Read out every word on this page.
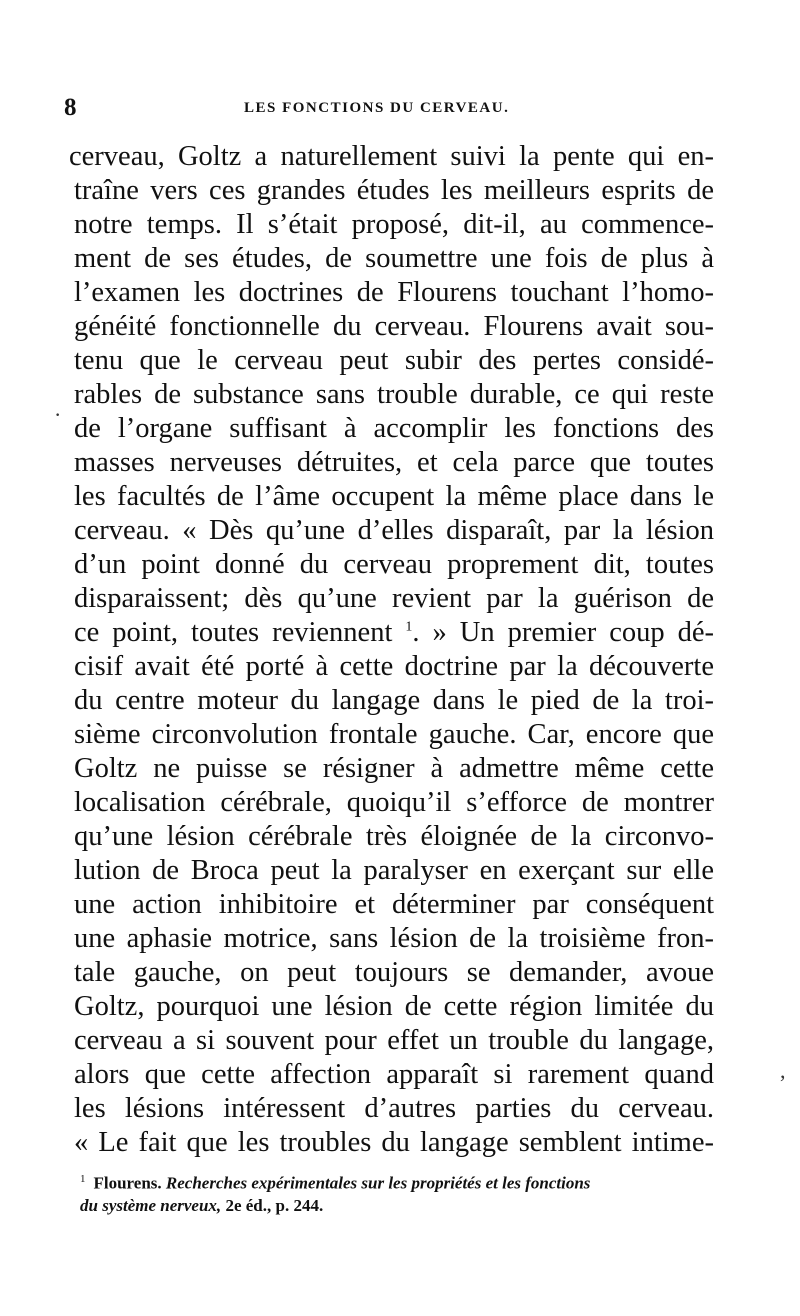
8	LES FONCTIONS DU CERVEAU.
cerveau, Goltz a naturellement suivi la pente qui en-
traîne vers ces grandes études les meilleurs esprits de
notre temps. Il s’était proposé, dit-il, au commence-
ment de ses études, de soumettre une fois de plus à
l’examen les doctrines de Flourens touchant l’homo-
généité fonctionnelle du cerveau. Flourens avait sou-
tenu que le cerveau peut subir des pertes considé-
rables de substance sans trouble durable, ce qui reste
de l’organe suffisant à accomplir les fonctions des
masses nerveuses détruites, et cela parce que toutes
les facultés de l’âme occupent la même place dans le
cerveau. « Dès qu’une d’elles disparaît, par la lésion
d’un point donné du cerveau proprement dit, toutes
disparaissent; dès qu’une revient par la guérison de
ce point, toutes reviennent $^1$. » Un premier coup dé-
cisif avait été porté à cette doctrine par la découverte
du centre moteur du langage dans le pied de la troi-
sième circonvolution frontale gauche. Car, encore que
Goltz ne puisse se résigner à admettre même cette
localisation cérébrale, quoiqu’il s’efforce de montrer
qu’une lésion cérébrale très éloignée de la circonvo-
lution de Broca peut la paralyser en exerçant sur elle
une action inhibitoire et déterminer par conséquent
une aphasie motrice, sans lésion de la troisième fron-
tale gauche, on peut toujours se demander, avoue
Goltz, pourquoi une lésion de cette région limitée du
cerveau a si souvent pour effet un trouble du langage,
alors que cette affection apparaît si rarement quand
les lésions intéressent d’autres parties du cerveau.
« Le fait que les troubles du langage semblent intime-
$^1$ Flourens. Recherches expérimentales sur les propriétés et les fonctions
du système nerveux, 2e éd., p. 244.
·
,
